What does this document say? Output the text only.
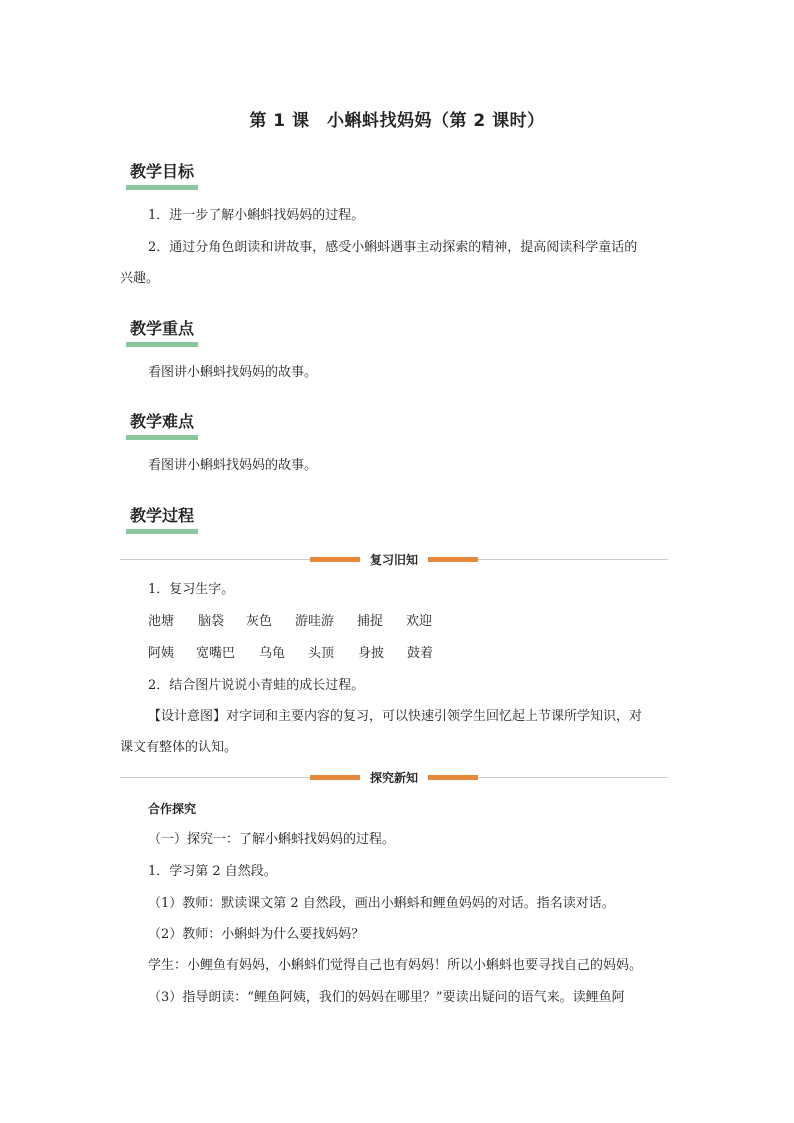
第 1 课　小蝌蚪找妈妈（第 2 课时）
教学目标
1．进一步了解小蝌蚪找妈妈的过程。
2．通过分角色朗读和讲故事，感受小蝌蚪遇事主动探索的精神，提高阅读科学童话的
兴趣。
教学重点
看图讲小蝌蚪找妈妈的故事。
教学难点
看图讲小蝌蚪找妈妈的故事。
教学过程
复习旧知
1．复习生字。
池塘 脑袋 灰色 游哇游 捕捉 欢迎
阿姨 宽嘴巴 乌龟 头顶 身披 鼓着
2．结合图片说说小青蛙的成长过程。
【设计意图】对字词和主要内容的复习，可以快速引领学生回忆起上节课所学知识，对
课文有整体的认知。
探究新知
合作探究
（一）探究一：了解小蝌蚪找妈妈的过程。
1．学习第 2 自然段。
（1）教师：默读课文第 2 自然段，画出小蝌蚪和鲤鱼妈妈的对话。指名读对话。
（2）教师：小蝌蚪为什么要找妈妈？
学生：小鲤鱼有妈妈，小蝌蚪们觉得自己也有妈妈！所以小蝌蚪也要寻找自己的妈妈。
（3）指导朗读：“鲤鱼阿姨，我们的妈妈在哪里？”要读出疑问的语气来。读鲤鱼阿
